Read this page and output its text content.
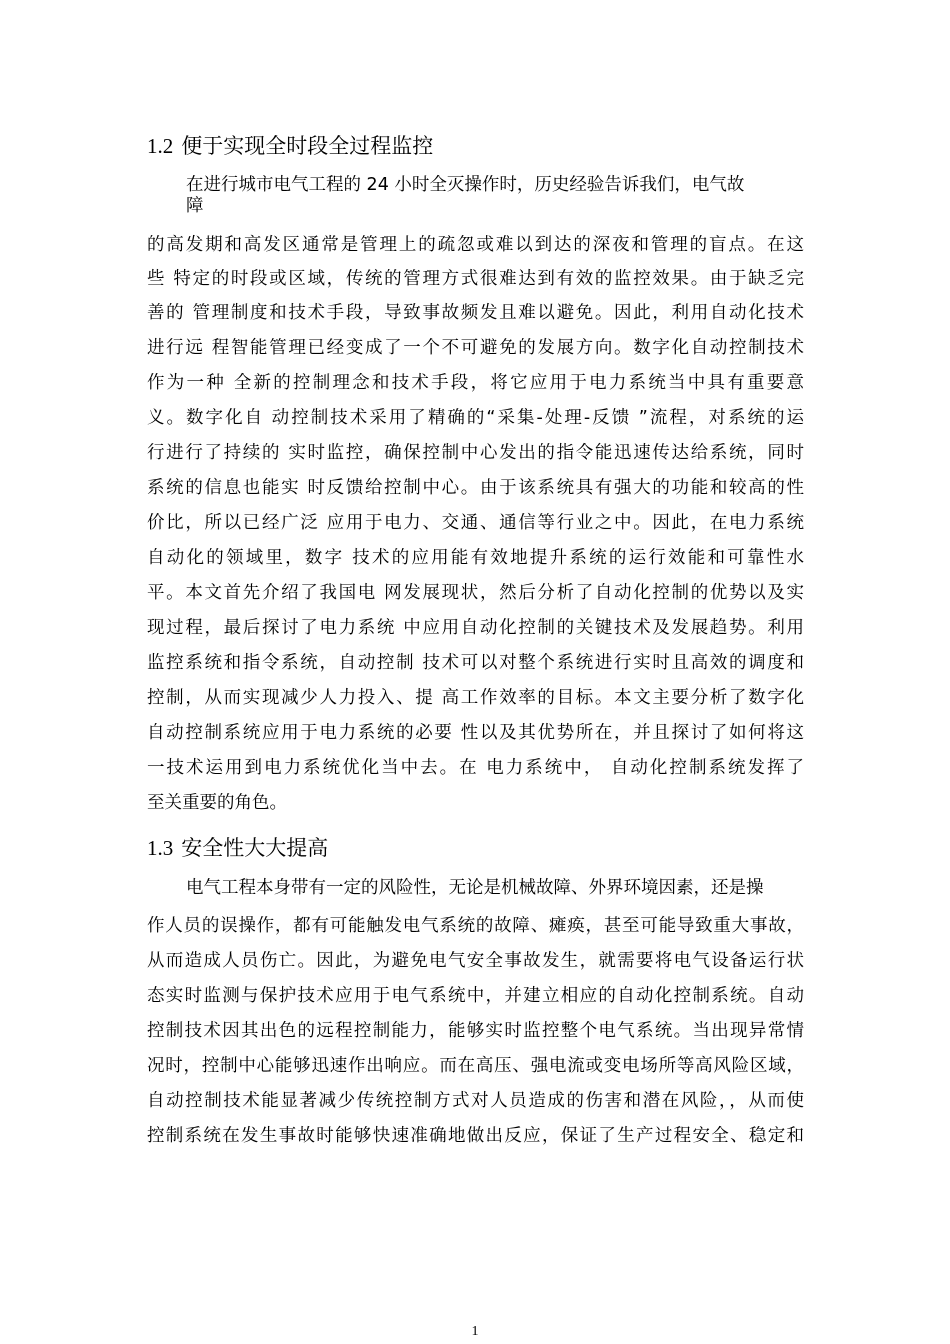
1.2 便于实现全时段全过程监控

在进行城市电气工程的 24 小时全灭操作时，历史经验告诉我们，电气故

障

的高发期和高发区通常是管理上的疏忽或难以到达的深夜和管理的盲点。在这

些 特定的时段或区域，传统的管理方式很难达到有效的监控效果。由于缺乏完

善的 管理制度和技术手段，导致事故频发且难以避免。因此，利用自动化技术

进行远 程智能管理已经变成了一个不可避免的发展方向。数字化自动控制技术

作为一种 全新的控制理念和技术手段，将它应用于电力系统当中具有重要意

义。数字化自 动控制技术采用了精确的“采集-处理-反馈 ”流程，对系统的运

行进行了持续的 实时监控，确保控制中心发出的指令能迅速传达给系统，同时

系统的信息也能实 时反馈给控制中心。由于该系统具有强大的功能和较高的性

价比，所以已经广泛 应用于电力、交通、通信等行业之中。因此，在电力系统

自动化的领域里，数字 技术的应用能有效地提升系统的运行效能和可靠性水

平。本文首先介绍了我国电 网发展现状，然后分析了自动化控制的优势以及实

现过程，最后探讨了电力系统 中应用自动化控制的关键技术及发展趋势。利用

监控系统和指令系统，自动控制 技术可以对整个系统进行实时且高效的调度和

控制，从而实现减少人力投入、提 高工作效率的目标。本文主要分析了数字化

自动控制系统应用于电力系统的必要 性以及其优势所在，并且探讨了如何将这

一技术运用到电力系统优化当中去。在 电力系统中， 自动化控制系统发挥了

至关重要的角色。

1.3 安全性大大提高

电气工程本身带有一定的风险性，无论是机械故障、外界环境因素，还是操

作人员的误操作，都有可能触发电气系统的故障、瘫痪，甚至可能导致重大事故，

从而造成人员伤亡。因此，为避免电气安全事故发生，就需要将电气设备运行状

态实时监测与保护技术应用于电气系统中，并建立相应的自动化控制系统。自动

控制技术因其出色的远程控制能力，能够实时监控整个电气系统。当出现异常情

况时，控制中心能够迅速作出响应。而在高压、强电流或变电场所等高风险区域，

自动控制技术能显著减少传统控制方式对人员造成的伤害和潜在风险，，从而使

控制系统在发生事故时能够快速准确地做出反应，保证了生产过程安全、稳定和

1
